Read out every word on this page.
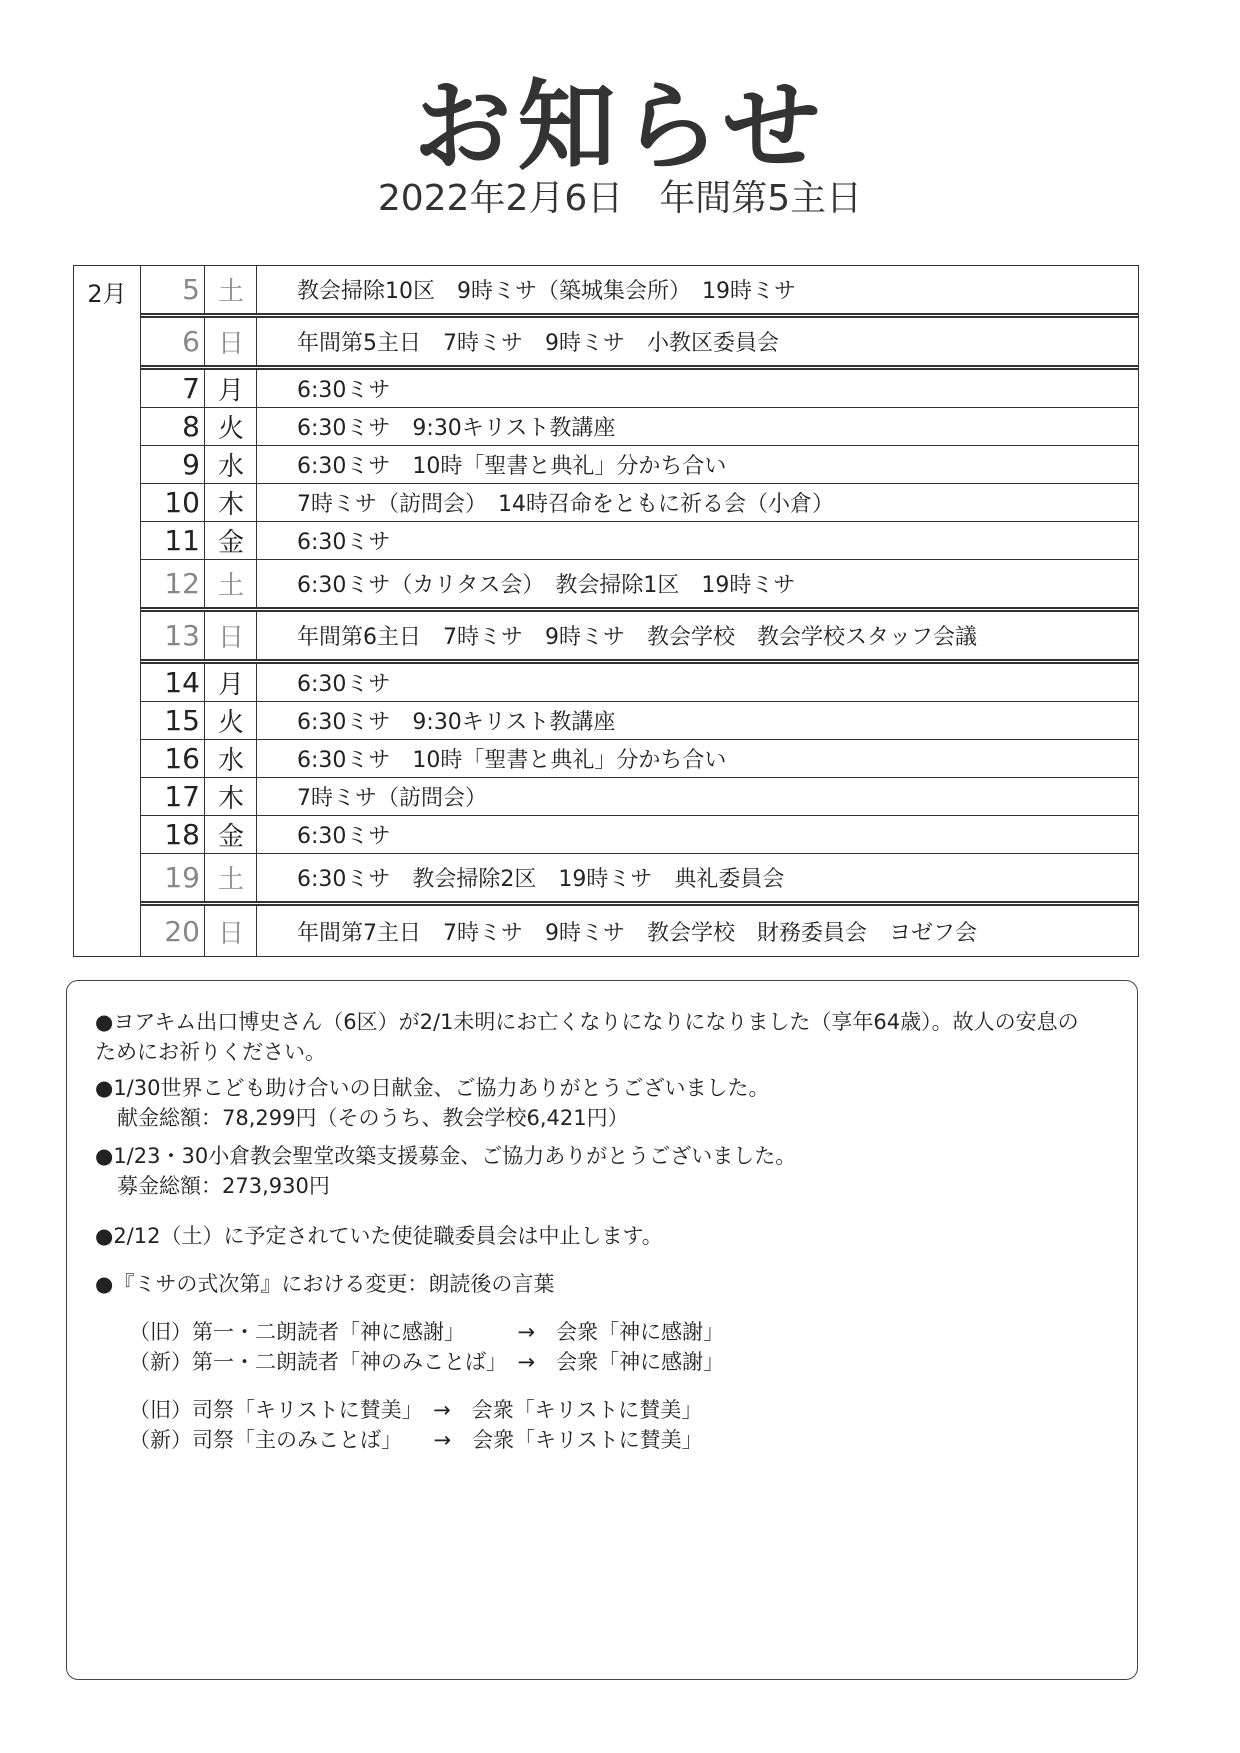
お知らせ
2022年2月6日　年間第5主日
2月	5 土	教会掃除10区　9時ミサ（築城集会所）　19時ミサ
6 日	年間第5主日　7時ミサ　9時ミサ　小教区委員会
7 月	6:30ミサ
8 火	6:30ミサ　9:30キリスト教講座
9 水	6:30ミサ　10時「聖書と典礼」分かち合い
10 木	7時ミサ（訪問会）　14時召命をともに祈る会（小倉）
11 金	6:30ミサ
12 土	6:30ミサ（カリタス会）　教会掃除1区　19時ミサ
13 日	年間第6主日　7時ミサ　9時ミサ　教会学校　教会学校スタッフ会議
14 月	6:30ミサ
15 火	6:30ミサ　9:30キリスト教講座
16 水	6:30ミサ　10時「聖書と典礼」分かち合い
17 木	7時ミサ（訪問会）
18 金	6:30ミサ
19 土	6:30ミサ　教会掃除2区　19時ミサ　典礼委員会
20 日	年間第7主日　7時ミサ　9時ミサ　教会学校　財務委員会　ヨゼフ会
●ヨアキム出口博史さん（6区）が2/1未明にお亡くなりになりになりました（享年64歳）。故人の安息の
ためにお祈りください。
●1/30世界こども助け合いの日献金、ご協力ありがとうございました。
献金総額：78,299円（そのうち、教会学校6,421円）
●1/23・30小倉教会聖堂改築支援募金、ご協力ありがとうございました。
募金総額：273,930円
●2/12（土）に予定されていた使徒職委員会は中止します。
●『ミサの式次第』における変更：朗読後の言葉
（旧）第一・二朗読者「神に感謝」　　　→　会衆「神に感謝」
（新）第一・二朗読者「神のみことば」　→　会衆「神に感謝」
（旧）司祭「キリストに賛美」　→　会衆「キリストに賛美」
（新）司祭「主のみことば」　　→　会衆「キリストに賛美」
